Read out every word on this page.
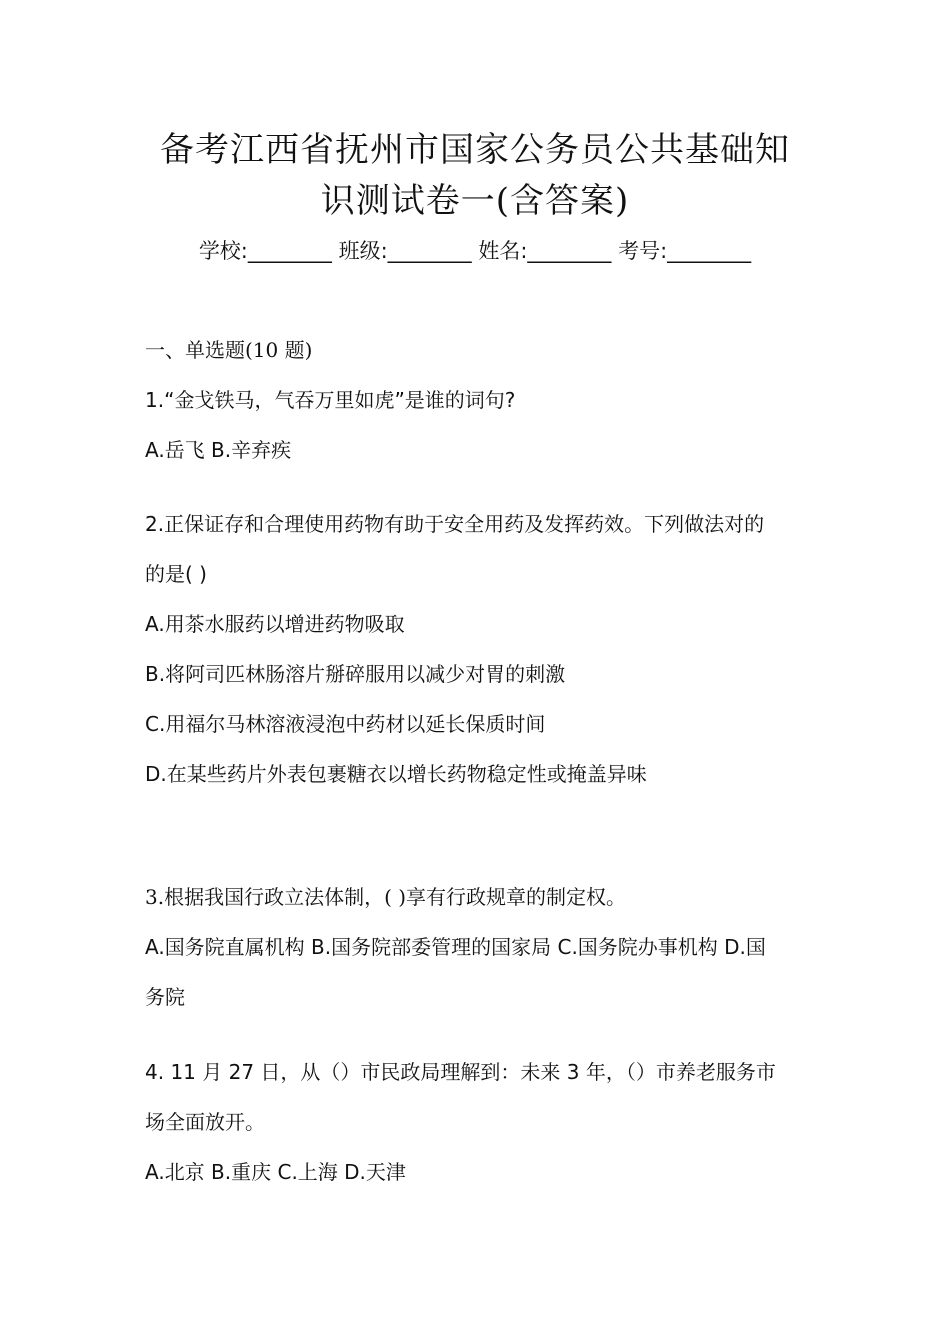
备考江西省抚州市国家公务员公共基础知
识测试卷一(含答案)
学校:________ 班级:________ 姓名:________ 考号:________
一、单选题(10 题)
1.“金戈铁马，气吞万里如虎”是谁的词句?
A.岳飞 B.辛弃疾
2.正保证存和合理使用药物有助于安全用药及发挥药效。下列做法对的
的是( )
A.用茶水服药以增进药物吸取
B.将阿司匹林肠溶片掰碎服用以减少对胃的刺激
C.用福尔马林溶液浸泡中药材以延长保质时间
D.在某些药片外表包裹糖衣以增长药物稳定性或掩盖异味
3.根据我国行政立法体制，( )享有行政规章的制定权。
A.国务院直属机构 B.国务院部委管理的国家局 C.国务院办事机构 D.国
务院
4. 11 月 27 日，从（）市民政局理解到：未来 3 年，（）市养老服务市
场全面放开。
A.北京 B.重庆 C.上海 D.天津
